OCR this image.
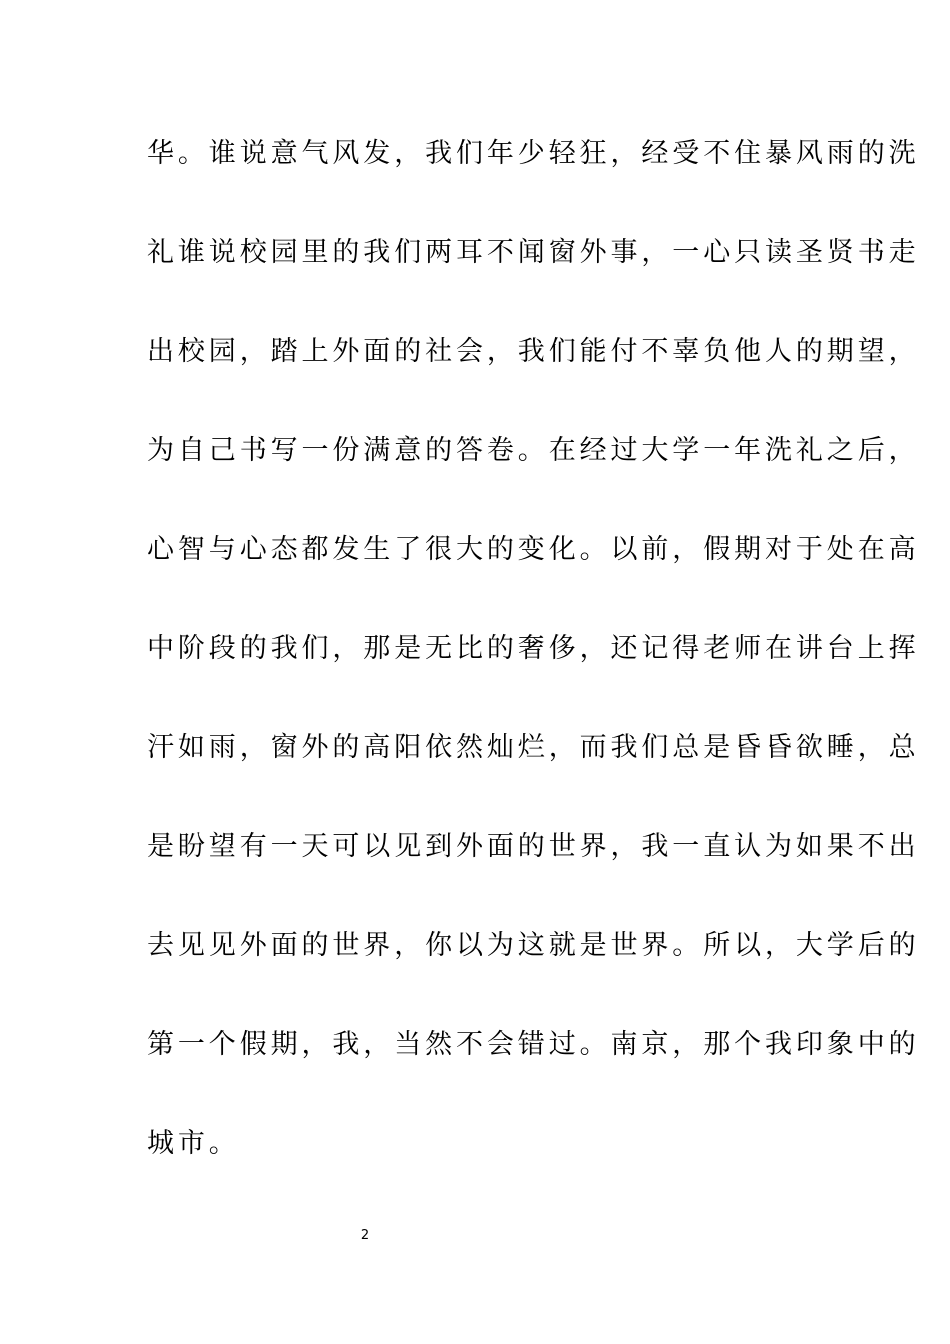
华。谁说意气风发，我们年少轻狂，经受不住暴风雨的洗
礼谁说校园里的我们两耳不闻窗外事，一心只读圣贤书走
出校园，踏上外面的社会，我们能付不辜负他人的期望，
为自己书写一份满意的答卷。在经过大学一年洗礼之后，
心智与心态都发生了很大的变化。以前，假期对于处在高
中阶段的我们，那是无比的奢侈，还记得老师在讲台上挥
汗如雨，窗外的高阳依然灿烂，而我们总是昏昏欲睡，总
是盼望有一天可以见到外面的世界，我一直认为如果不出
去见见外面的世界，你以为这就是世界。所以，大学后的
第一个假期，我，当然不会错过。南京，那个我印象中的
城市。
2
